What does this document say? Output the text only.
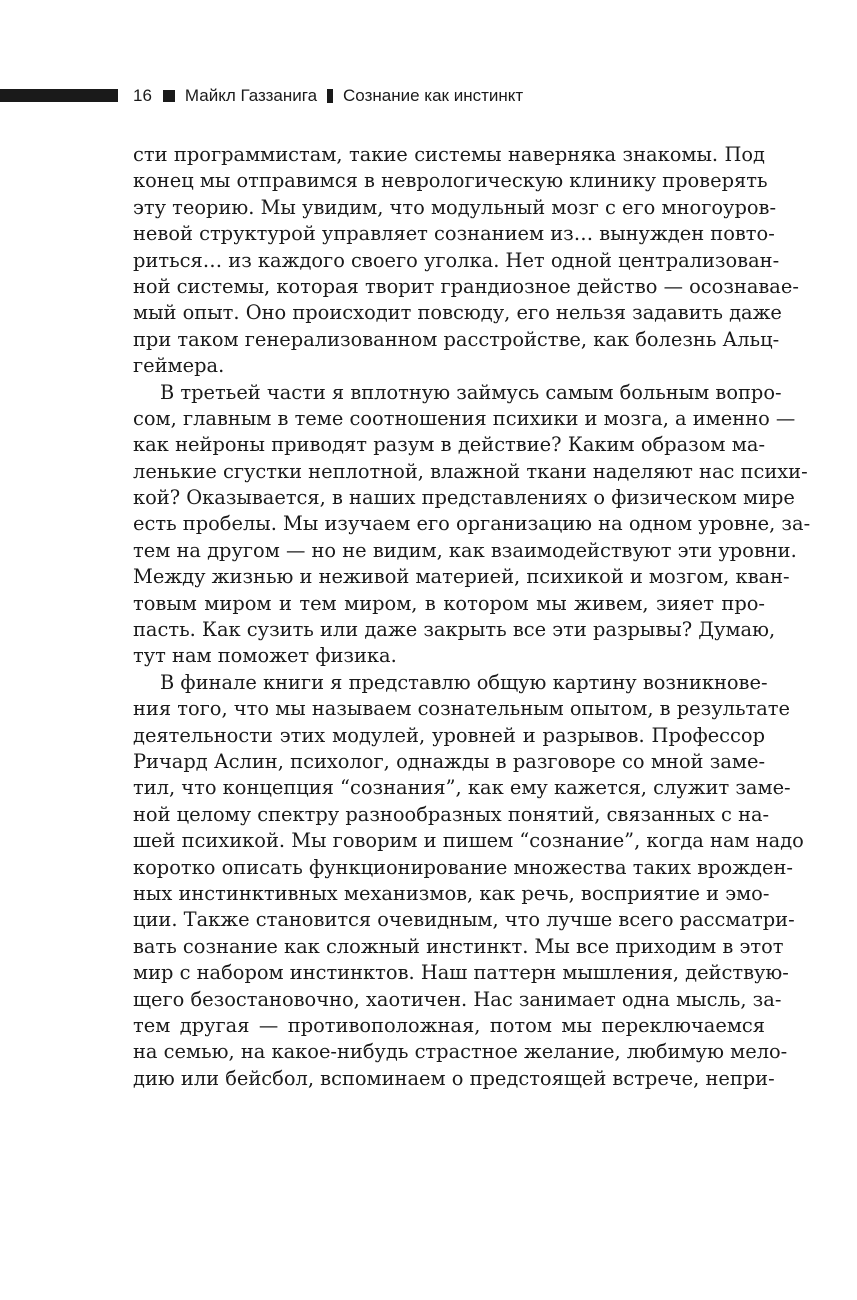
16 Майкл Газзанига Сознание как инстинкт
сти программистам, такие системы наверняка знакомы. Под
конец мы отправимся в неврологическую клинику проверять
эту теорию. Мы увидим, что модульный мозг с его многоуров-
невой структурой управляет сознанием из… вынужден повто-
риться… из каждого своего уголка. Нет одной централизован-
ной системы, которая творит грандиозное действо — осознавае-
мый опыт. Оно происходит повсюду, его нельзя задавить даже
при таком генерализованном расстройстве, как болезнь Альц-
геймера.
В третьей части я вплотную займусь самым больным вопро-
сом, главным в теме соотношения психики и мозга, а именно —
как нейроны приводят разум в действие? Каким образом ма-
ленькие сгустки неплотной, влажной ткани наделяют нас психи-
кой? Оказывается, в наших представлениях о физическом мире
есть пробелы. Мы изучаем его организацию на одном уровне, за-
тем на другом — но не видим, как взаимодействуют эти уровни.
Между жизнью и неживой материей, психикой и мозгом, кван-
товым миром и тем миром, в котором мы живем, зияет про-
пасть. Как сузить или даже закрыть все эти разрывы? Думаю,
тут нам поможет физика.
В финале книги я представлю общую картину возникнове-
ния того, что мы называем сознательным опытом, в результате
деятельности этих модулей, уровней и разрывов. Профессор
Ричард Аслин, психолог, однажды в разговоре со мной заме-
тил, что концепция “сознания”, как ему кажется, служит заме-
ной целому спектру разнообразных понятий, связанных с на-
шей психикой. Мы говорим и пишем “сознание”, когда нам надо
коротко описать функционирование множества таких врожден-
ных инстинктивных механизмов, как речь, восприятие и эмо-
ции. Также становится очевидным, что лучше всего рассматри-
вать сознание как сложный инстинкт. Мы все приходим в этот
мир с набором инстинктов. Наш паттерн мышления, действую-
щего безостановочно, хаотичен. Нас занимает одна мысль, за-
тем другая — противоположная, потом мы переключаемся
на семью, на какое-нибудь страстное желание, любимую мело-
дию или бейсбол, вспоминаем о предстоящей встрече, непри-
